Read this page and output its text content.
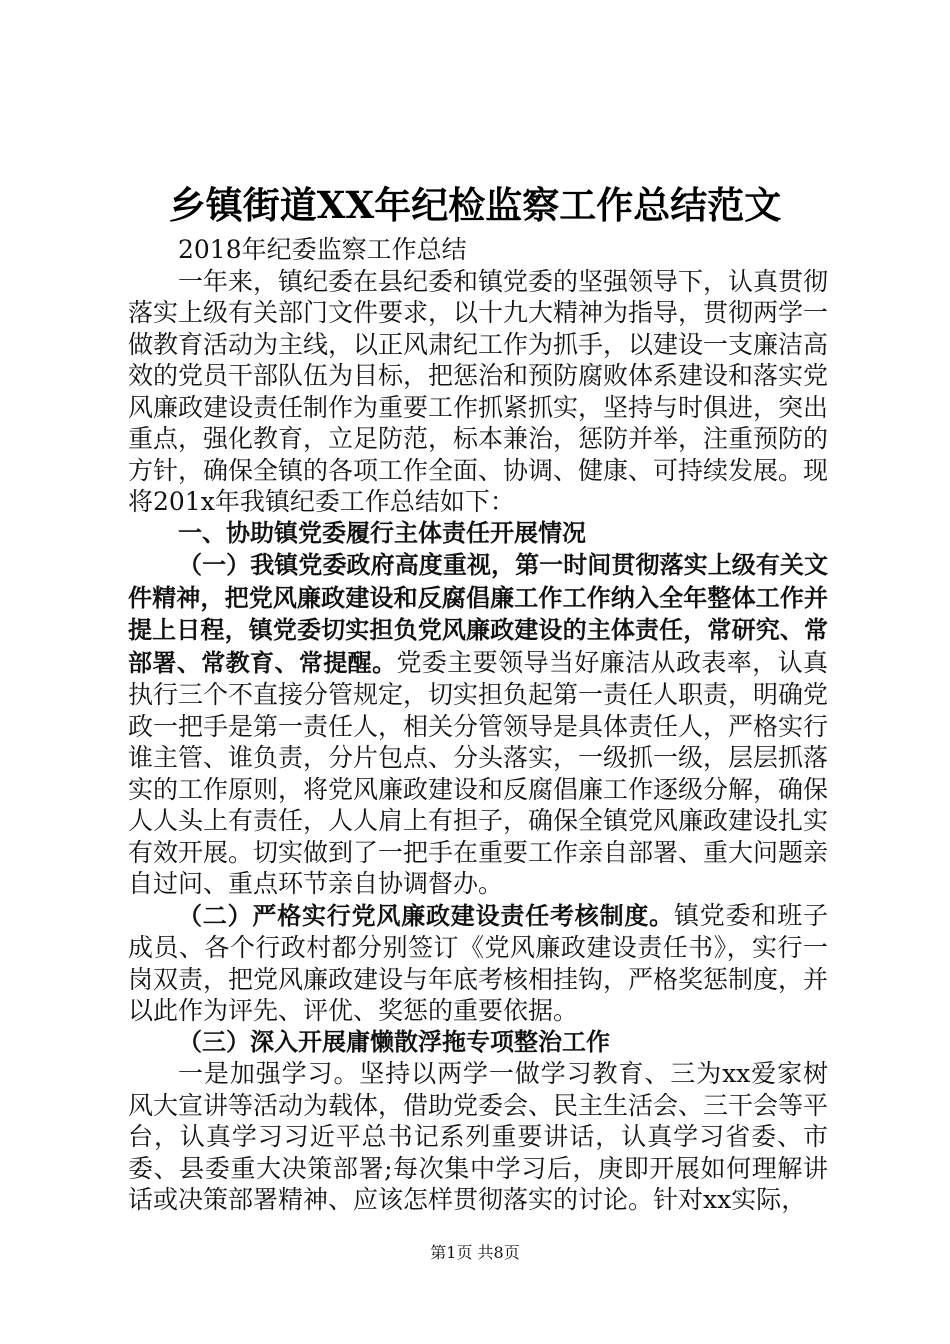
乡镇街道XX年纪检监察工作总结范文

2018年纪委监察工作总结

一年来，镇纪委在县纪委和镇党委的坚强领导下，认真贯彻落实上级有关部门文件要求，以十九大精神为指导，贯彻两学一做教育活动为主线，以正风肃纪工作为抓手，以建设一支廉洁高效的党员干部队伍为目标，把惩治和预防腐败体系建设和落实党风廉政建设责任制作为重要工作抓紧抓实，坚持与时俱进，突出重点，强化教育，立足防范，标本兼治，惩防并举，注重预防的方针，确保全镇的各项工作全面、协调、健康、可持续发展。现将201x年我镇纪委工作总结如下：

一、协助镇党委履行主体责任开展情况

（一）我镇党委政府高度重视，第一时间贯彻落实上级有关文件精神，把党风廉政建设和反腐倡廉工作工作纳入全年整体工作并提上日程，镇党委切实担负党风廉政建设的主体责任，常研究、常部署、常教育、常提醒。党委主要领导当好廉洁从政表率，认真执行三个不直接分管规定，切实担负起第一责任人职责，明确党政一把手是第一责任人，相关分管领导是具体责任人，严格实行谁主管、谁负责，分片包点、分头落实，一级抓一级，层层抓落实的工作原则，将党风廉政建设和反腐倡廉工作逐级分解，确保人人头上有责任，人人肩上有担子，确保全镇党风廉政建设扎实有效开展。切实做到了一把手在重要工作亲自部署、重大问题亲自过问、重点环节亲自协调督办。

（二）严格实行党风廉政建设责任考核制度。镇党委和班子成员、各个行政村都分别签订《党风廉政建设责任书》，实行一岗双责，把党风廉政建设与年底考核相挂钩，严格奖惩制度，并以此作为评先、评优、奖惩的重要依据。

（三）深入开展庸懒散浮拖专项整治工作

一是加强学习。坚持以两学一做学习教育、三为xx爱家树风大宣讲等活动为载体，借助党委会、民主生活会、三干会等平台，认真学习习近平总书记系列重要讲话，认真学习省委、市委、县委重大决策部署;每次集中学习后，庚即开展如何理解讲话或决策部署精神、应该怎样贯彻落实的讨论。针对xx实际，

第1页 共8页
